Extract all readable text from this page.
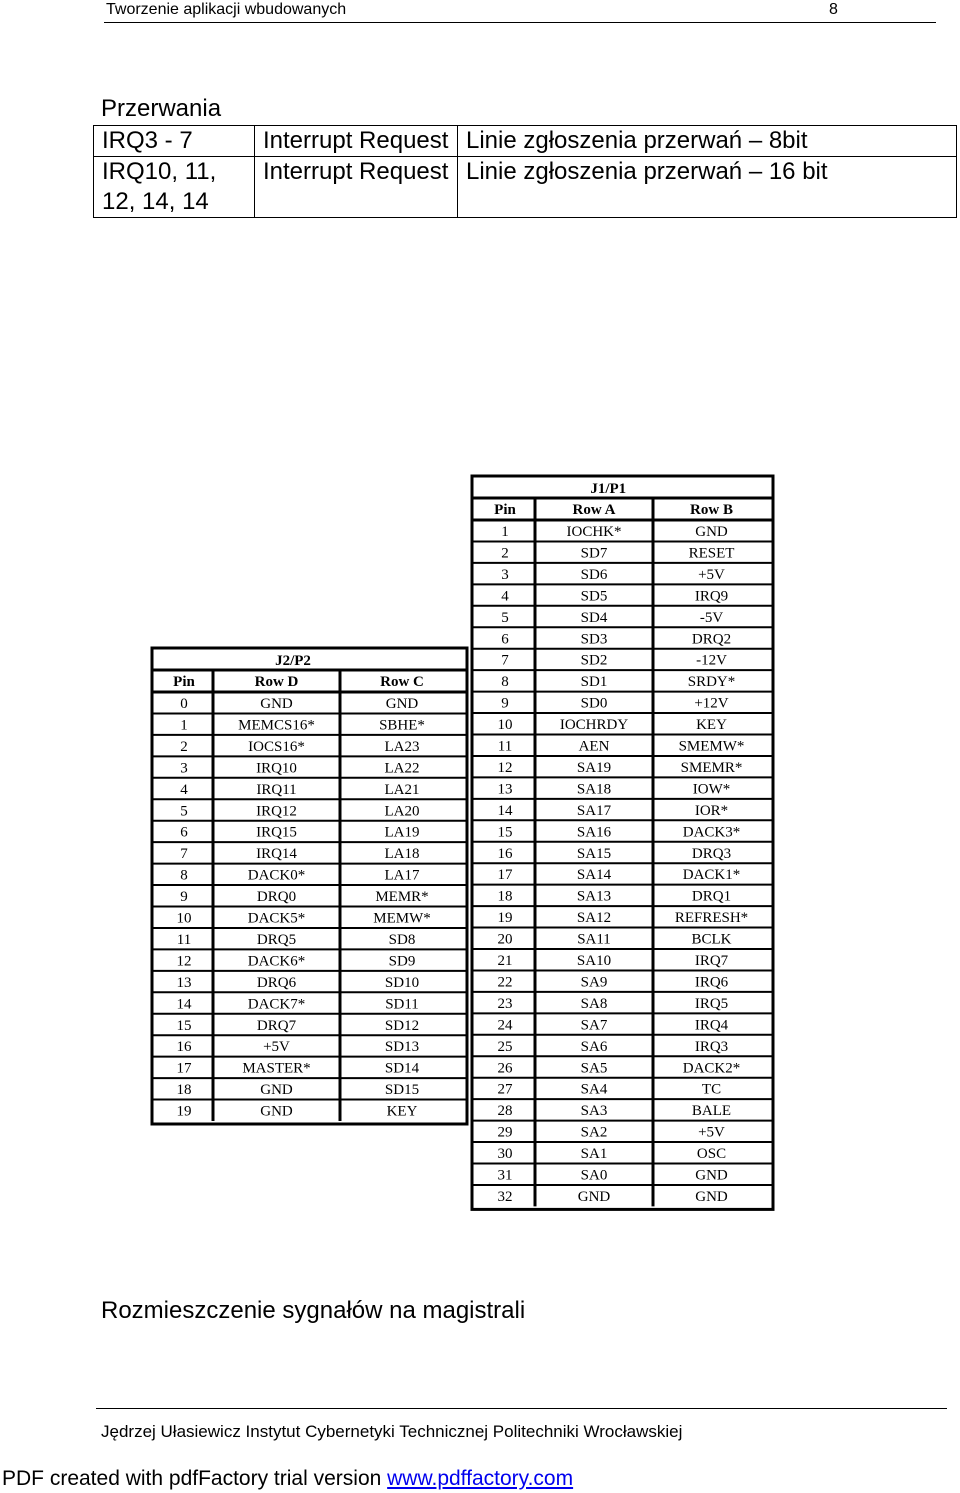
Tworzenie aplikacji wbudowanych	8
Przerwania
IRQ3 - 7	Interrupt Request	Linie zgłoszenia przerwań – 8bit
IRQ10, 11, 12, 14, 14	Interrupt Request	Linie zgłoszenia przerwań – 16 bit
J2/P2
Pin	Row D	Row C
0	GND	GND
1	MEMCS16*	SBHE*
2	IOCS16*	LA23
3	IRQ10	LA22
4	IRQ11	LA21
5	IRQ12	LA20
6	IRQ15	LA19
7	IRQ14	LA18
8	DACK0*	LA17
9	DRQ0	MEMR*
10	DACK5*	MEMW*
11	DRQ5	SD8
12	DACK6*	SD9
13	DRQ6	SD10
14	DACK7*	SD11
15	DRQ7	SD12
16	+5V	SD13
17	MASTER*	SD14
18	GND	SD15
19	GND	KEY
J1/P1
Pin	Row A	Row B
1	IOCHK*	GND
2	SD7	RESET
3	SD6	+5V
4	SD5	IRQ9
5	SD4	-5V
6	SD3	DRQ2
7	SD2	-12V
8	SD1	SRDY*
9	SD0	+12V
10	IOCHRDY	KEY
11	AEN	SMEMW*
12	SA19	SMEMR*
13	SA18	IOW*
14	SA17	IOR*
15	SA16	DACK3*
16	SA15	DRQ3
17	SA14	DACK1*
18	SA13	DRQ1
19	SA12	REFRESH*
20	SA11	BCLK
21	SA10	IRQ7
22	SA9	IRQ6
23	SA8	IRQ5
24	SA7	IRQ4
25	SA6	IRQ3
26	SA5	DACK2*
27	SA4	TC
28	SA3	BALE
29	SA2	+5V
30	SA1	OSC
31	SA0	GND
32	GND	GND
Rozmieszczenie sygnałów na magistrali
Jędrzej Ułasiewicz Instytut Cybernetyki Technicznej Politechniki Wrocławskiej
PDF created with pdfFactory trial version www.pdffactory.com
